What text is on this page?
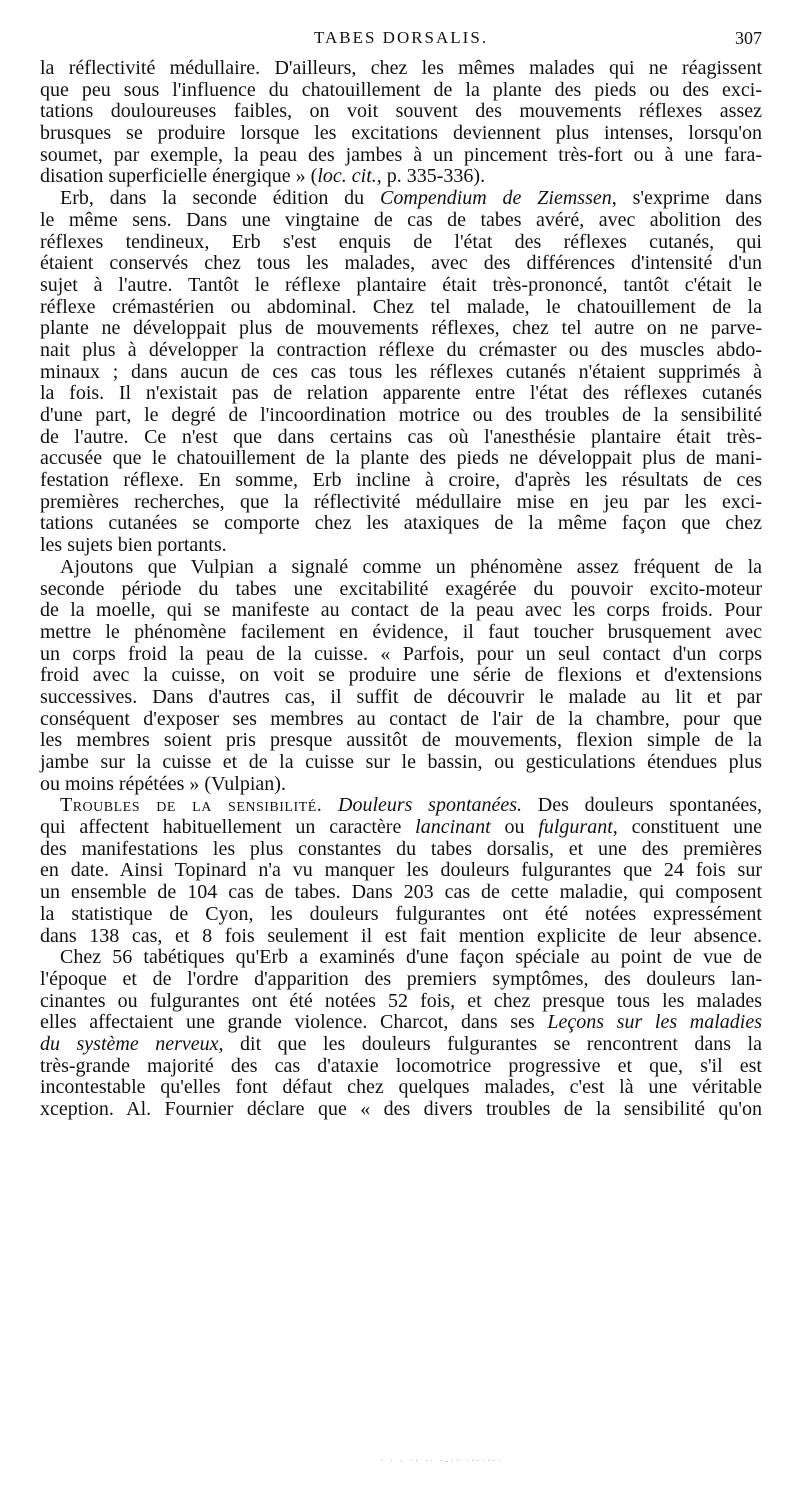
TABES DORSALIS.	307
la réflectivité médullaire. D'ailleurs, chez les mêmes malades qui ne réagissent
que peu sous l'influence du chatouillement de la plante des pieds ou des exci-
tations douloureuses faibles, on voit souvent des mouvements réflexes assez
brusques se produire lorsque les excitations deviennent plus intenses, lorsqu'on
soumet, par exemple, la peau des jambes à un pincement très-fort ou à une fara-
disation superficielle énergique » (loc. cit., p. 335-336).
Erb, dans la seconde édition du Compendium de Ziemssen, s'exprime dans
le même sens. Dans une vingtaine de cas de tabes avéré, avec abolition des
réflexes tendineux, Erb s'est enquis de l'état des réflexes cutanés, qui
étaient conservés chez tous les malades, avec des différences d'intensité d'un
sujet à l'autre. Tantôt le réflexe plantaire était très-prononcé, tantôt c'était le
réflexe crémastérien ou abdominal. Chez tel malade, le chatouillement de la
plante ne développait plus de mouvements réflexes, chez tel autre on ne parve-
nait plus à développer la contraction réflexe du crémaster ou des muscles abdo-
minaux ; dans aucun de ces cas tous les réflexes cutanés n'étaient supprimés à
la fois. Il n'existait pas de relation apparente entre l'état des réflexes cutanés
d'une part, le degré de l'incoordination motrice ou des troubles de la sensibilité
de l'autre. Ce n'est que dans certains cas où l'anesthésie plantaire était très-
accusée que le chatouillement de la plante des pieds ne développait plus de mani-
festation réflexe. En somme, Erb incline à croire, d'après les résultats de ces
premières recherches, que la réflectivité médullaire mise en jeu par les exci-
tations cutanées se comporte chez les ataxiques de la même façon que chez
les sujets bien portants.
Ajoutons que Vulpian a signalé comme un phénomène assez fréquent de la
seconde période du tabes une excitabilité exagérée du pouvoir excito-moteur
de la moelle, qui se manifeste au contact de la peau avec les corps froids. Pour
mettre le phénomène facilement en évidence, il faut toucher brusquement avec
un corps froid la peau de la cuisse. « Parfois, pour un seul contact d'un corps
froid avec la cuisse, on voit se produire une série de flexions et d'extensions
successives. Dans d'autres cas, il suffit de découvrir le malade au lit et par
conséquent d'exposer ses membres au contact de l'air de la chambre, pour que
les membres soient pris presque aussitôt de mouvements, flexion simple de la
jambe sur la cuisse et de la cuisse sur le bassin, ou gesticulations étendues plus
ou moins répétées » (Vulpian).
Troubles de la sensibilité. Douleurs spontanées. Des douleurs spontanées,
qui affectent habituellement un caractère lancinant ou fulgurant, constituent une
des manifestations les plus constantes du tabes dorsalis, et une des premières
en date. Ainsi Topinard n'a vu manquer les douleurs fulgurantes que 24 fois sur
un ensemble de 104 cas de tabes. Dans 203 cas de cette maladie, qui composent
la statistique de Cyon, les douleurs fulgurantes ont été notées expressément
dans 138 cas, et 8 fois seulement il est fait mention explicite de leur absence.
Chez 56 tabétiques qu'Erb a examinés d'une façon spéciale au point de vue de
l'époque et de l'ordre d'apparition des premiers symptômes, des douleurs lan-
cinantes ou fulgurantes ont été notées 52 fois, et chez presque tous les malades
elles affectaient une grande violence. Charcot, dans ses Leçons sur les maladies
du système nerveux, dit que les douleurs fulgurantes se rencontrent dans la
très-grande majorité des cas d'ataxie locomotrice progressive et que, s'il est
incontestable qu'elles font défaut chez quelques malades, c'est là une véritable
xception. Al. Fournier déclare que « des divers troubles de la sensibilité qu'on
· · · ·· ·· ·-·· ·······
